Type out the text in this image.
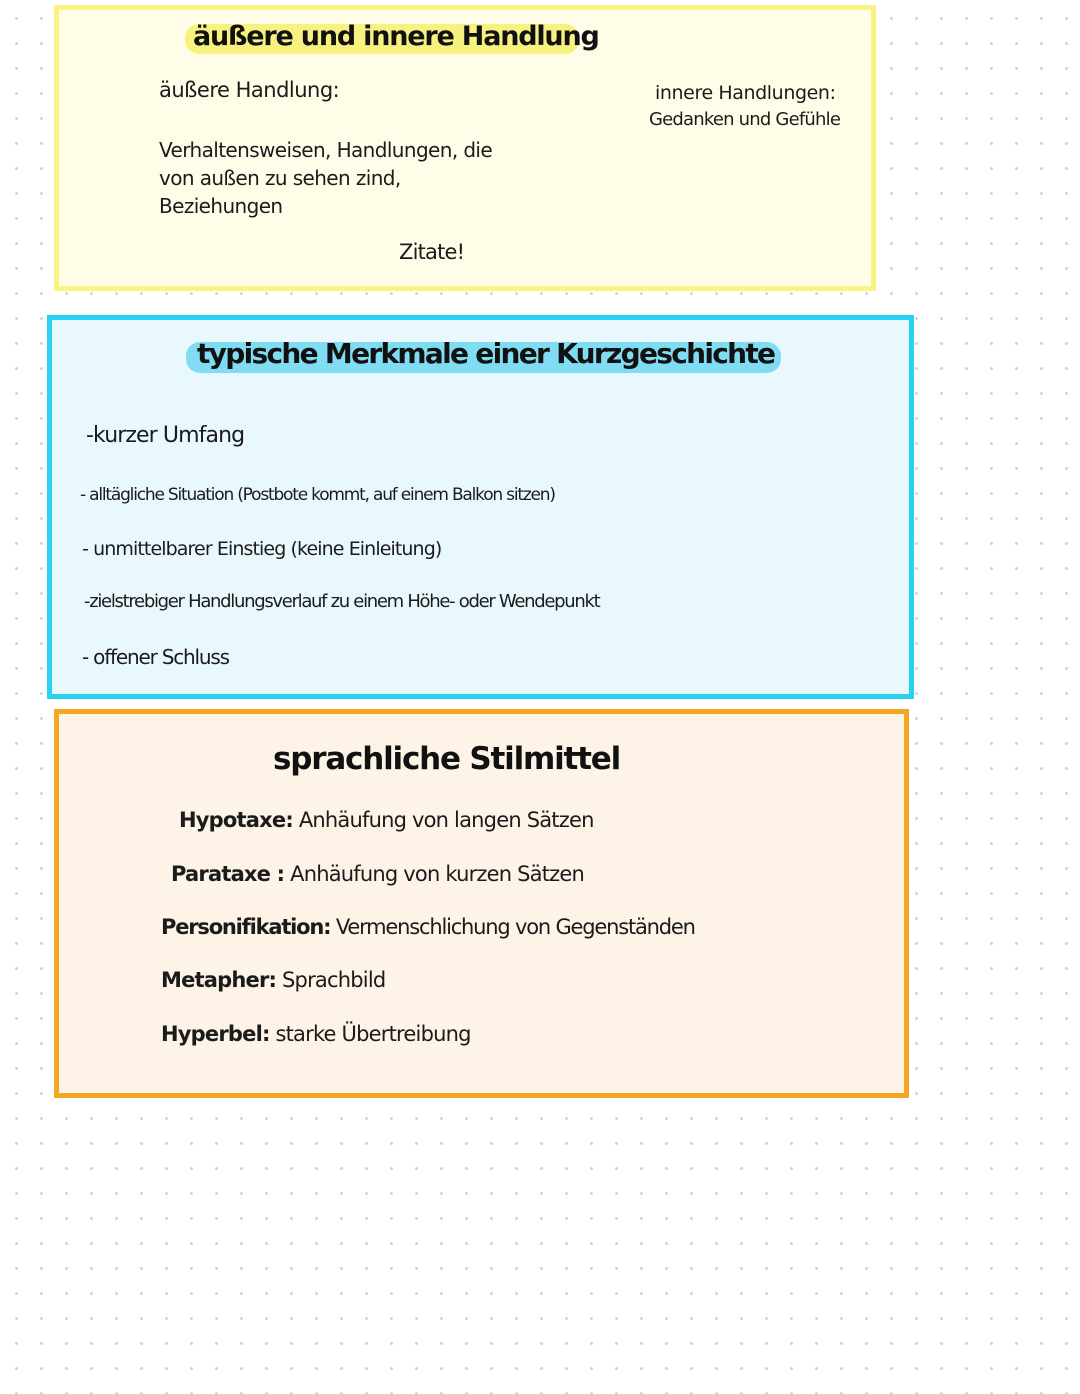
äußere und innere Handlung
äußere Handlung:
Verhaltensweisen, Handlungen, die von außen zu sehen zind, Beziehungen
Zitate!
innere Handlungen:
Gedanken und Gefühle
typische Merkmale einer Kurzgeschichte
-kurzer Umfang
- alltägliche Situation (Postbote kommt, auf einem Balkon sitzen)
- unmittelbarer Einstieg (keine Einleitung)
-zielstrebiger Handlungsverlauf zu einem Höhe- oder Wendepunkt
- offener Schluss
sprachliche Stilmittel
Hypotaxe: Anhäufung von langen Sätzen
Parataxe : Anhäufung von kurzen Sätzen
Personifikation: Vermenschlichung von Gegenständen
Metapher: Sprachbild
Hyperbel: starke Übertreibung
